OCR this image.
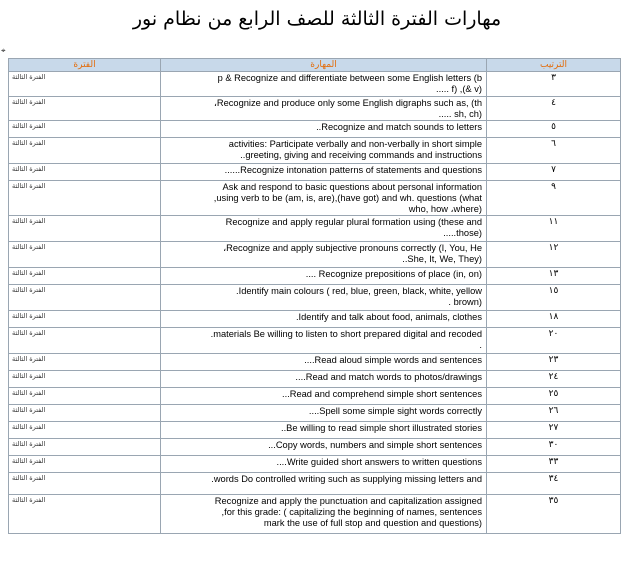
مهارات الفترة الثالثة للصف الرابع من نظام نور
⌖
الفترة	المهارة	الترتيب
الفترة الثالثة	p & Recognize and differentiate between some English letters (b
(v &), (f .....	٣
الفترة الثالثة	Recognize and produce only some English digraphs such as, (th،
(sh, ch .....	٤
الفترة الثالثة	Recognize and match sounds to letters..	٥
الفترة الثالثة	activities: Participate verbally and non-verbally in short simple
greeting, giving and receiving commands and instructions..	٦
الفترة الثالثة	Recognize intonation patterns of statements and questions......	٧
الفترة الثالثة	Ask and respond to basic questions about personal information
using verb to be (am, is, are),(have got) and wh. questions (what,
(who, how ،where	٩
الفترة الثالثة	Recognize and apply regular plural formation using (these and
(those.....	١١
الفترة الثالثة	Recognize and apply subjective pronouns correctly (I, You, He،
(She, It, We, They..	١٢
الفترة الثالثة	(Recognize prepositions of place (in, on ....	١٣
الفترة الثالثة	Identify main colours ( red, blue, green, black, white, yellow.
(brown .	١٥
الفترة الثالثة	Identify and talk about food, animals, clothes.	١٨
الفترة الثالثة	materials Be willing to listen to short prepared digital and recoded.
.	٢٠
الفترة الثالثة	Read aloud simple words and sentences....	٢٣
الفترة الثالثة	Read and match words to photos/drawings....	٢٤
الفترة الثالثة	Read and comprehend simple short sentences...	٢٥
الفترة الثالثة	Spell some simple sight words correctly....	٢٦
الفترة الثالثة	Be willing to read simple short illustrated stories..	٢٧
الفترة الثالثة	Copy words, numbers and simple short sentences...	٣٠
الفترة الثالثة	Write guided short answers to written questions....	٣٣
الفترة الثالثة	words Do controlled writing such as supplying missing letters and.	٣٤
الفترة الثالثة	Recognize and apply the punctuation and capitalization assigned
for this grade: ( capitalizing the beginning of names, sentences,
(mark the use of full stop and question and questions	٣٥
